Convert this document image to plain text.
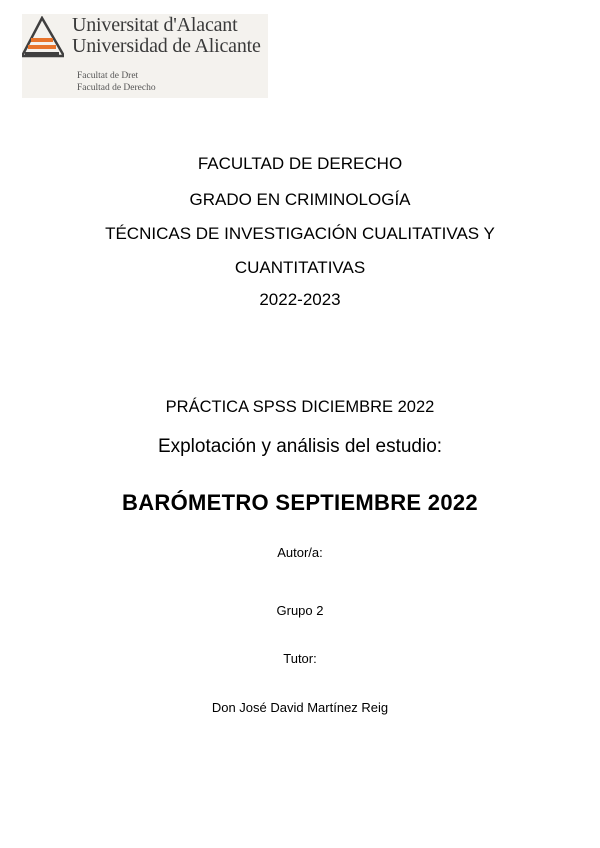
Universitat d'Alacant
Universidad de Alicante
Facultat de Dret
Facultad de Derecho
FACULTAD DE DERECHO
GRADO EN CRIMINOLOGÍA
TÉCNICAS DE INVESTIGACIÓN CUALITATIVAS Y
CUANTITATIVAS
2022-2023
PRÁCTICA SPSS DICIEMBRE 2022
Explotación y análisis del estudio:
BARÓMETRO SEPTIEMBRE 2022
Autor/a:
Grupo 2
Tutor:
Don José David Martínez Reig
